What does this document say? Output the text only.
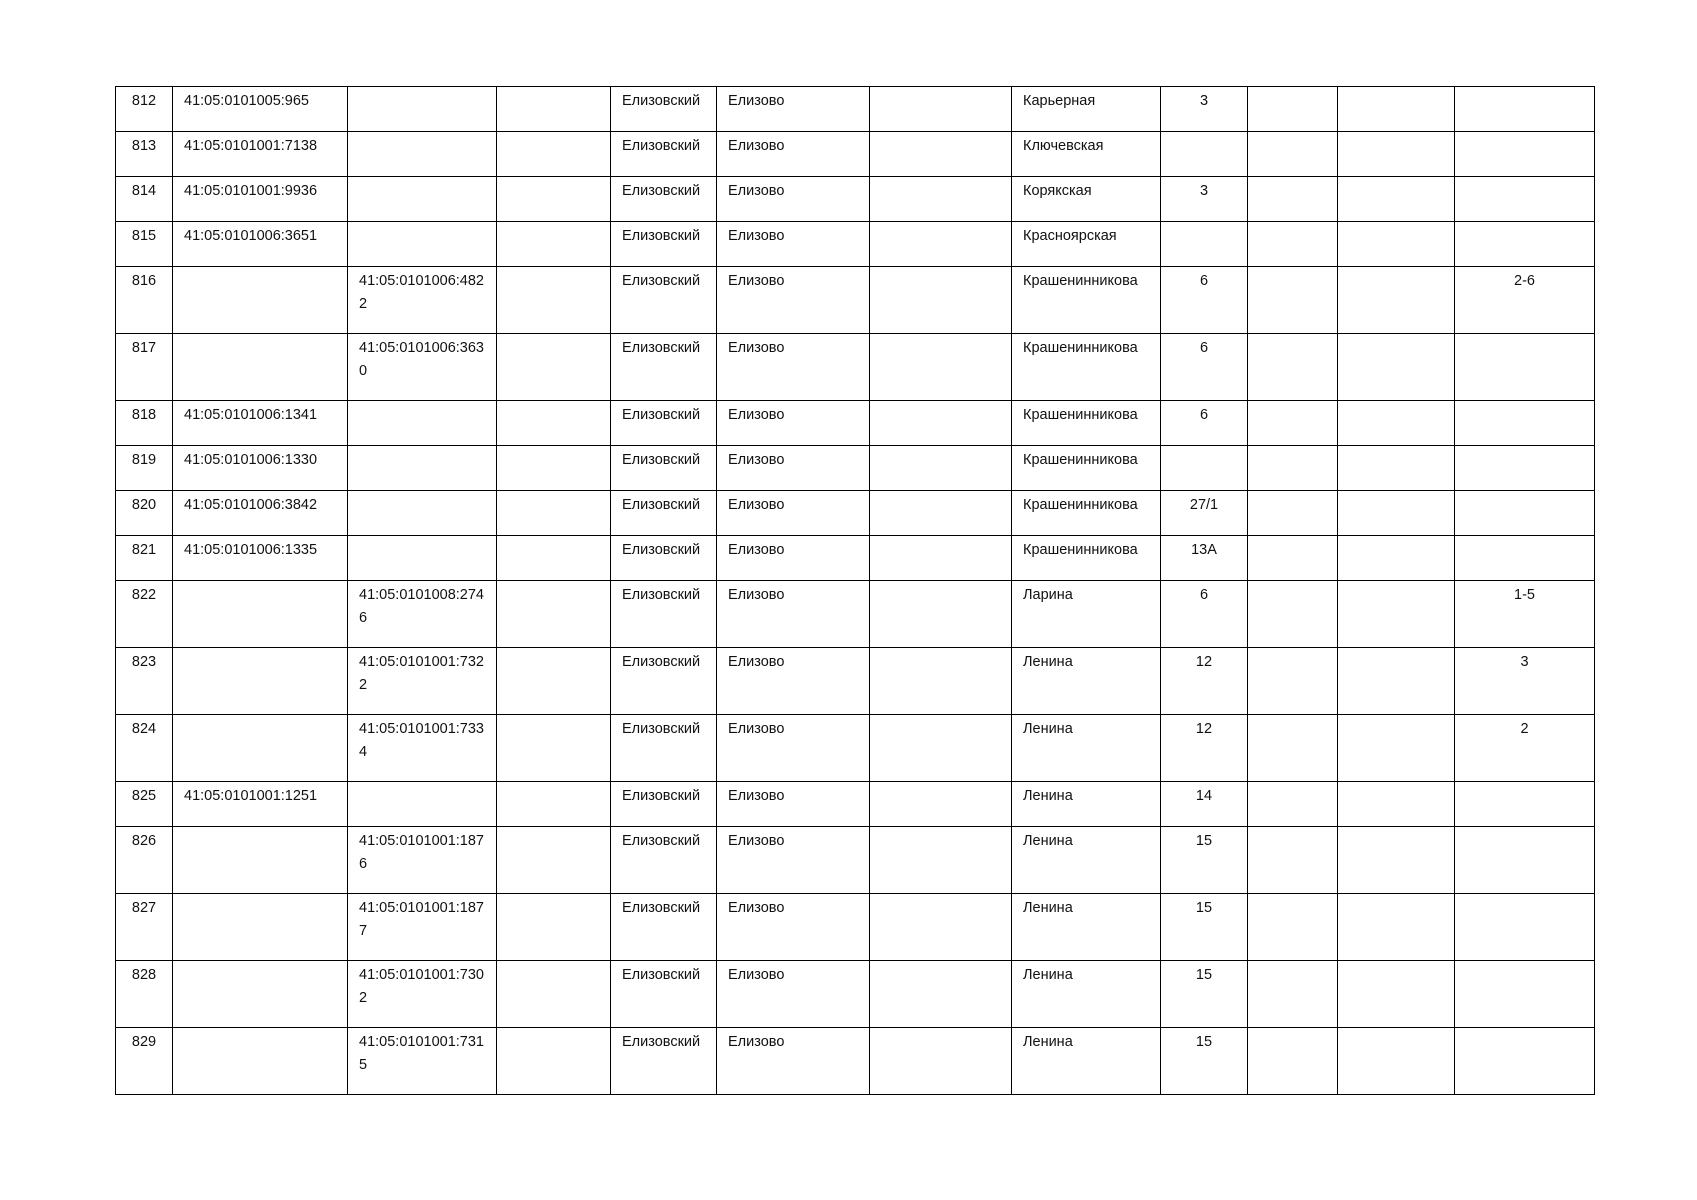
812	41:05:0101005:965			Елизовский	Елизово		Карьерная	3			
813	41:05:0101001:7138			Елизовский	Елизово		Ключевская				
814	41:05:0101001:9936			Елизовский	Елизово		Корякская	3			
815	41:05:0101006:3651			Елизовский	Елизово		Красноярская				
816		41:05:0101006:4822		Елизовский	Елизово		Крашенинникова	6			2-6
817		41:05:0101006:3630		Елизовский	Елизово		Крашенинникова	6			
818	41:05:0101006:1341			Елизовский	Елизово		Крашенинникова	6			
819	41:05:0101006:1330			Елизовский	Елизово		Крашенинникова				
820	41:05:0101006:3842			Елизовский	Елизово		Крашенинникова	27/1			
821	41:05:0101006:1335			Елизовский	Елизово		Крашенинникова	13А			
822		41:05:0101008:2746		Елизовский	Елизово		Ларина	6			1-5
823		41:05:0101001:7322		Елизовский	Елизово		Ленина	12			3
824		41:05:0101001:7334		Елизовский	Елизово		Ленина	12			2
825	41:05:0101001:1251			Елизовский	Елизово		Ленина	14			
826		41:05:0101001:1876		Елизовский	Елизово		Ленина	15			
827		41:05:0101001:1877		Елизовский	Елизово		Ленина	15			
828		41:05:0101001:7302		Елизовский	Елизово		Ленина	15			
829		41:05:0101001:7315		Елизовский	Елизово		Ленина	15			
